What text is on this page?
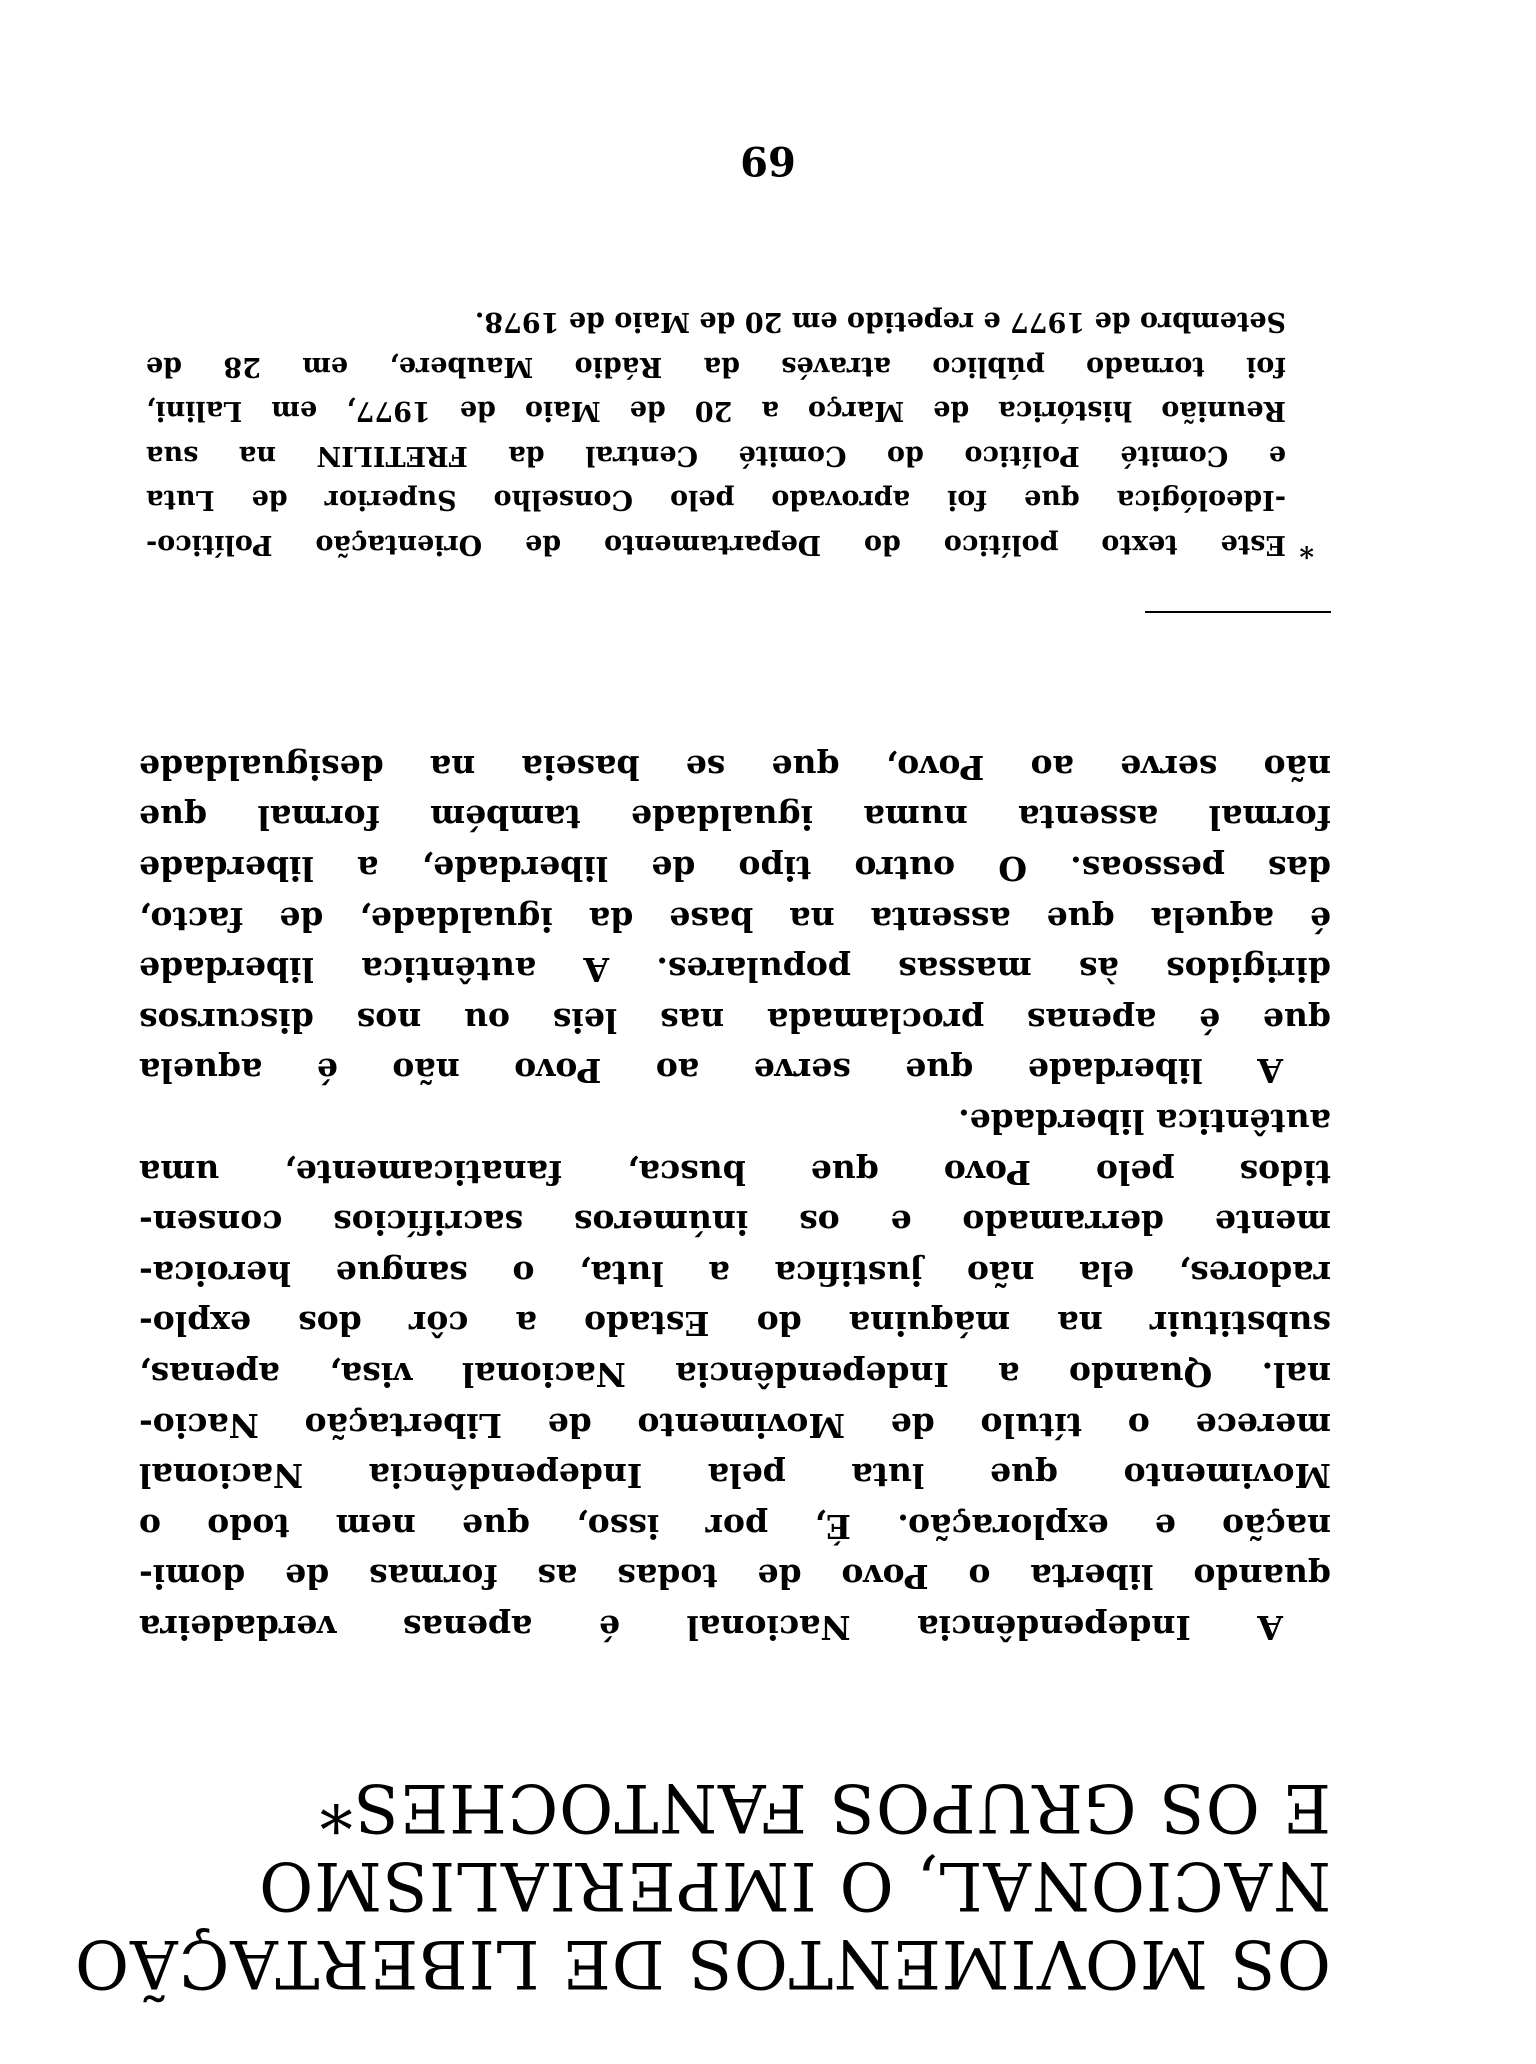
OS MOVIMENTOS DE LIBERTAÇÃO
NACIONAL, O IMPERIALISMO
E OS GRUPOS FANTOCHES*
A Independência Nacional é apenas verdadeira
quando liberta o Povo de todas as formas de domi-
nação e exploração. É, por isso, que nem todo o
Movimento que luta pela Independência Nacional
merece o título de Movimento de Libertação Nacio-
nal. Quando a Independência Nacional visa, apenas,
substituir na máquina do Estado a côr dos explo-
radores, ela não justifica a luta, o sangue heroica-
mente derramado e os inúmeros sacrifícios consen-
tidos pelo Povo que busca, fanaticamente, uma
autêntica liberdade.
A liberdade que serve ao Povo não é aquela
que é apenas proclamada nas leis ou nos discursos
dirigidos às massas populares. A autêntica liberdade
é aquela que assenta na base da igualdade, de facto,
das pessoas. O outro tipo de liberdade, a liberdade
formal assenta numa igualdade também formal que
não serve ao Povo, que se baseia na desigualdade
*
Este texto político do Departamento de Orientação Político-
-Ideológica que foi aprovado pelo Conselho Superior de Luta
e Comité Político do Comité Central da FRETILIN na sua
Reunião histórica de Março a 20 de Maio de 1977, em Lalini,
foi tornado público através da Rádio Maubere, em 28 de
Setembro de 1977 e repetido em 20 de Maio de 1978.
69
